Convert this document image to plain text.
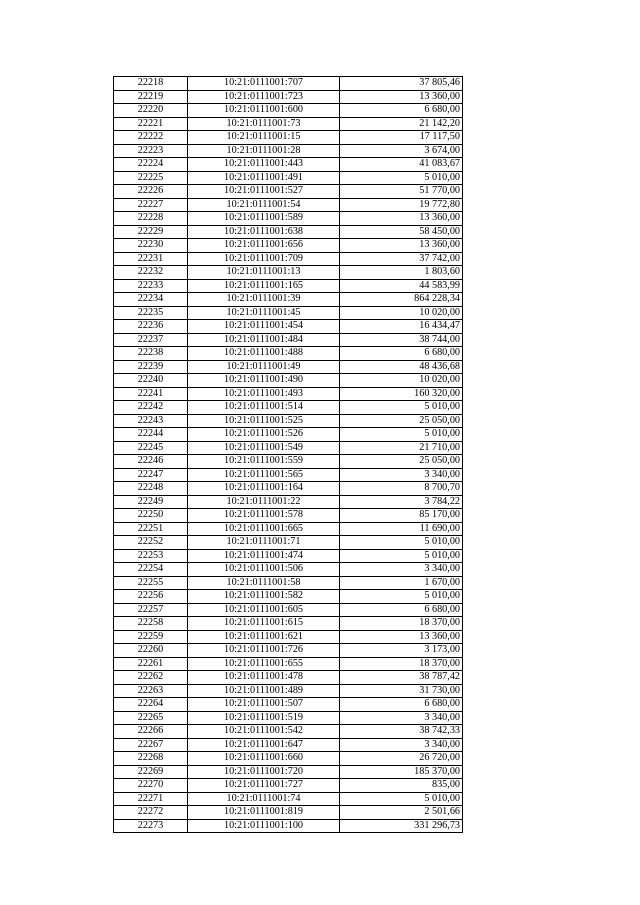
22218	10:21:0111001:707	37 805,46
22219	10:21:0111001:723	13 360,00
22220	10:21:0111001:600	6 680,00
22221	10:21:0111001:73	21 142,20
22222	10:21:0111001:15	17 117,50
22223	10:21:0111001:28	3 674,00
22224	10:21:0111001:443	41 083,67
22225	10:21:0111001:491	5 010,00
22226	10:21:0111001:527	51 770,00
22227	10:21:0111001:54	19 772,80
22228	10:21:0111001:589	13 360,00
22229	10:21:0111001:638	58 450,00
22230	10:21:0111001:656	13 360,00
22231	10:21:0111001:709	37 742,00
22232	10:21:0111001:13	1 803,60
22233	10:21:0111001:165	44 583,99
22234	10:21:0111001:39	864 228,34
22235	10:21:0111001:45	10 020,00
22236	10:21:0111001:454	16 434,47
22237	10:21:0111001:484	38 744,00
22238	10:21:0111001:488	6 680,00
22239	10:21:0111001:49	48 436,68
22240	10:21:0111001:490	10 020,00
22241	10:21:0111001:493	160 320,00
22242	10:21:0111001:514	5 010,00
22243	10:21:0111001:525	25 050,00
22244	10:21:0111001:526	5 010,00
22245	10:21:0111001:549	21 710,00
22246	10:21:0111001:559	25 050,00
22247	10:21:0111001:565	3 340,00
22248	10:21:0111001:164	8 700,70
22249	10:21:0111001:22	3 784,22
22250	10:21:0111001:578	85 170,00
22251	10:21:0111001:665	11 690,00
22252	10:21:0111001:71	5 010,00
22253	10:21:0111001:474	5 010,00
22254	10:21:0111001:506	3 340,00
22255	10:21:0111001:58	1 670,00
22256	10:21:0111001:582	5 010,00
22257	10:21:0111001:605	6 680,00
22258	10:21:0111001:615	18 370,00
22259	10:21:0111001:621	13 360,00
22260	10:21:0111001:726	3 173,00
22261	10:21:0111001:655	18 370,00
22262	10:21:0111001:478	38 787,42
22263	10:21:0111001:489	31 730,00
22264	10:21:0111001:507	6 680,00
22265	10:21:0111001:519	3 340,00
22266	10:21:0111001:542	38 742,33
22267	10:21:0111001:647	3 340,00
22268	10:21:0111001:660	26 720,00
22269	10:21:0111001:720	185 370,00
22270	10:21:0111001:727	835,00
22271	10:21:0111001:74	5 010,00
22272	10:21:0111001:819	2 501,66
22273	10:21:0111001:100	331 296,73
